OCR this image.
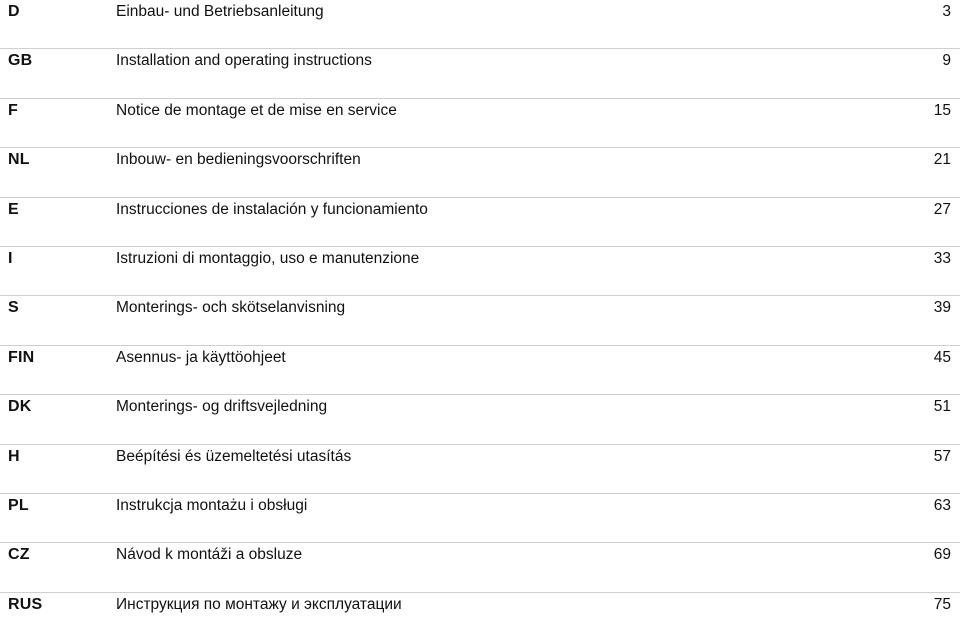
D	Einbau- und Betriebsanleitung	3
GB	Installation and operating instructions	9
F	Notice de montage et de mise en service	15
NL	Inbouw- en bedieningsvoorschriften	21
E	Instrucciones de instalación y funcionamiento	27
I	Istruzioni di montaggio, uso e manutenzione	33
S	Monterings- och skötselanvisning	39
FIN	Asennus- ja käyttöohjeet	45
DK	Monterings- og driftsvejledning	51
H	Beépítési és üzemeltetési utasítás	57
PL	Instrukcja montażu i obsługi	63
CZ	Návod k montáži a obsluze	69
RUS	Инструкция по монтажу и эксплуатации	75
